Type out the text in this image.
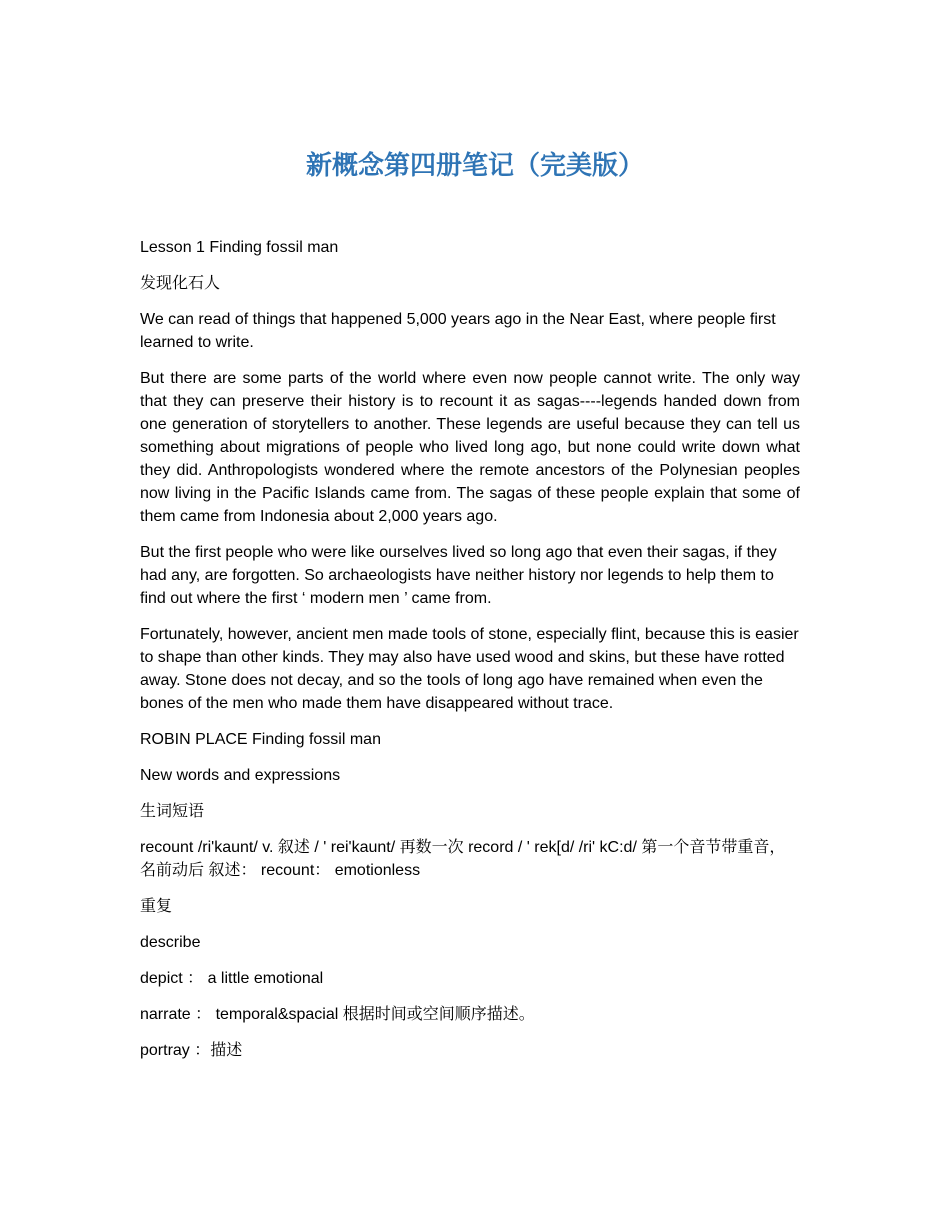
新概念第四册笔记（完美版）

Lesson 1 Finding fossil man

发现化石人

We can read of things that happened 5,000 years ago in the Near East, where people first learned to write.

But there are some parts of the world where even now people cannot write. The only way that they can preserve their history is to recount it as sagas----legends handed down from one generation of storytellers to another. These legends are useful because they can tell us something about migrations of people who lived long ago, but none could write down what they did. Anthropologists wondered where the remote ancestors of the Polynesian peoples now living in the Pacific Islands came from. The sagas of these people explain that some of them came from Indonesia about 2,000 years ago.

But the first people who were like ourselves lived so long ago that even their sagas, if they had any, are forgotten. So archaeologists have neither history nor legends to help them to find out where the first ‘ modern men ’ came from.

Fortunately, however, ancient men made tools of stone, especially flint, because this is easier to shape than other kinds. They may also have used wood and skins, but these have rotted away. Stone does not decay, and so the tools of long ago have remained when even the bones of the men who made them have disappeared without trace.

ROBIN PLACE Finding fossil man

New words and expressions

生词短语

recount /ri'kaunt/ v. 叙述 / ' rei'kaunt/ 再数一次 record / ' rek[d/ /ri' kC:d/ 第一个音节带重音，名前动后 叙述： recount： emotionless

重复

describe

depict ： a little emotional

narrate ： temporal&spacial 根据时间或空间顺序描述。

portray ：描述
